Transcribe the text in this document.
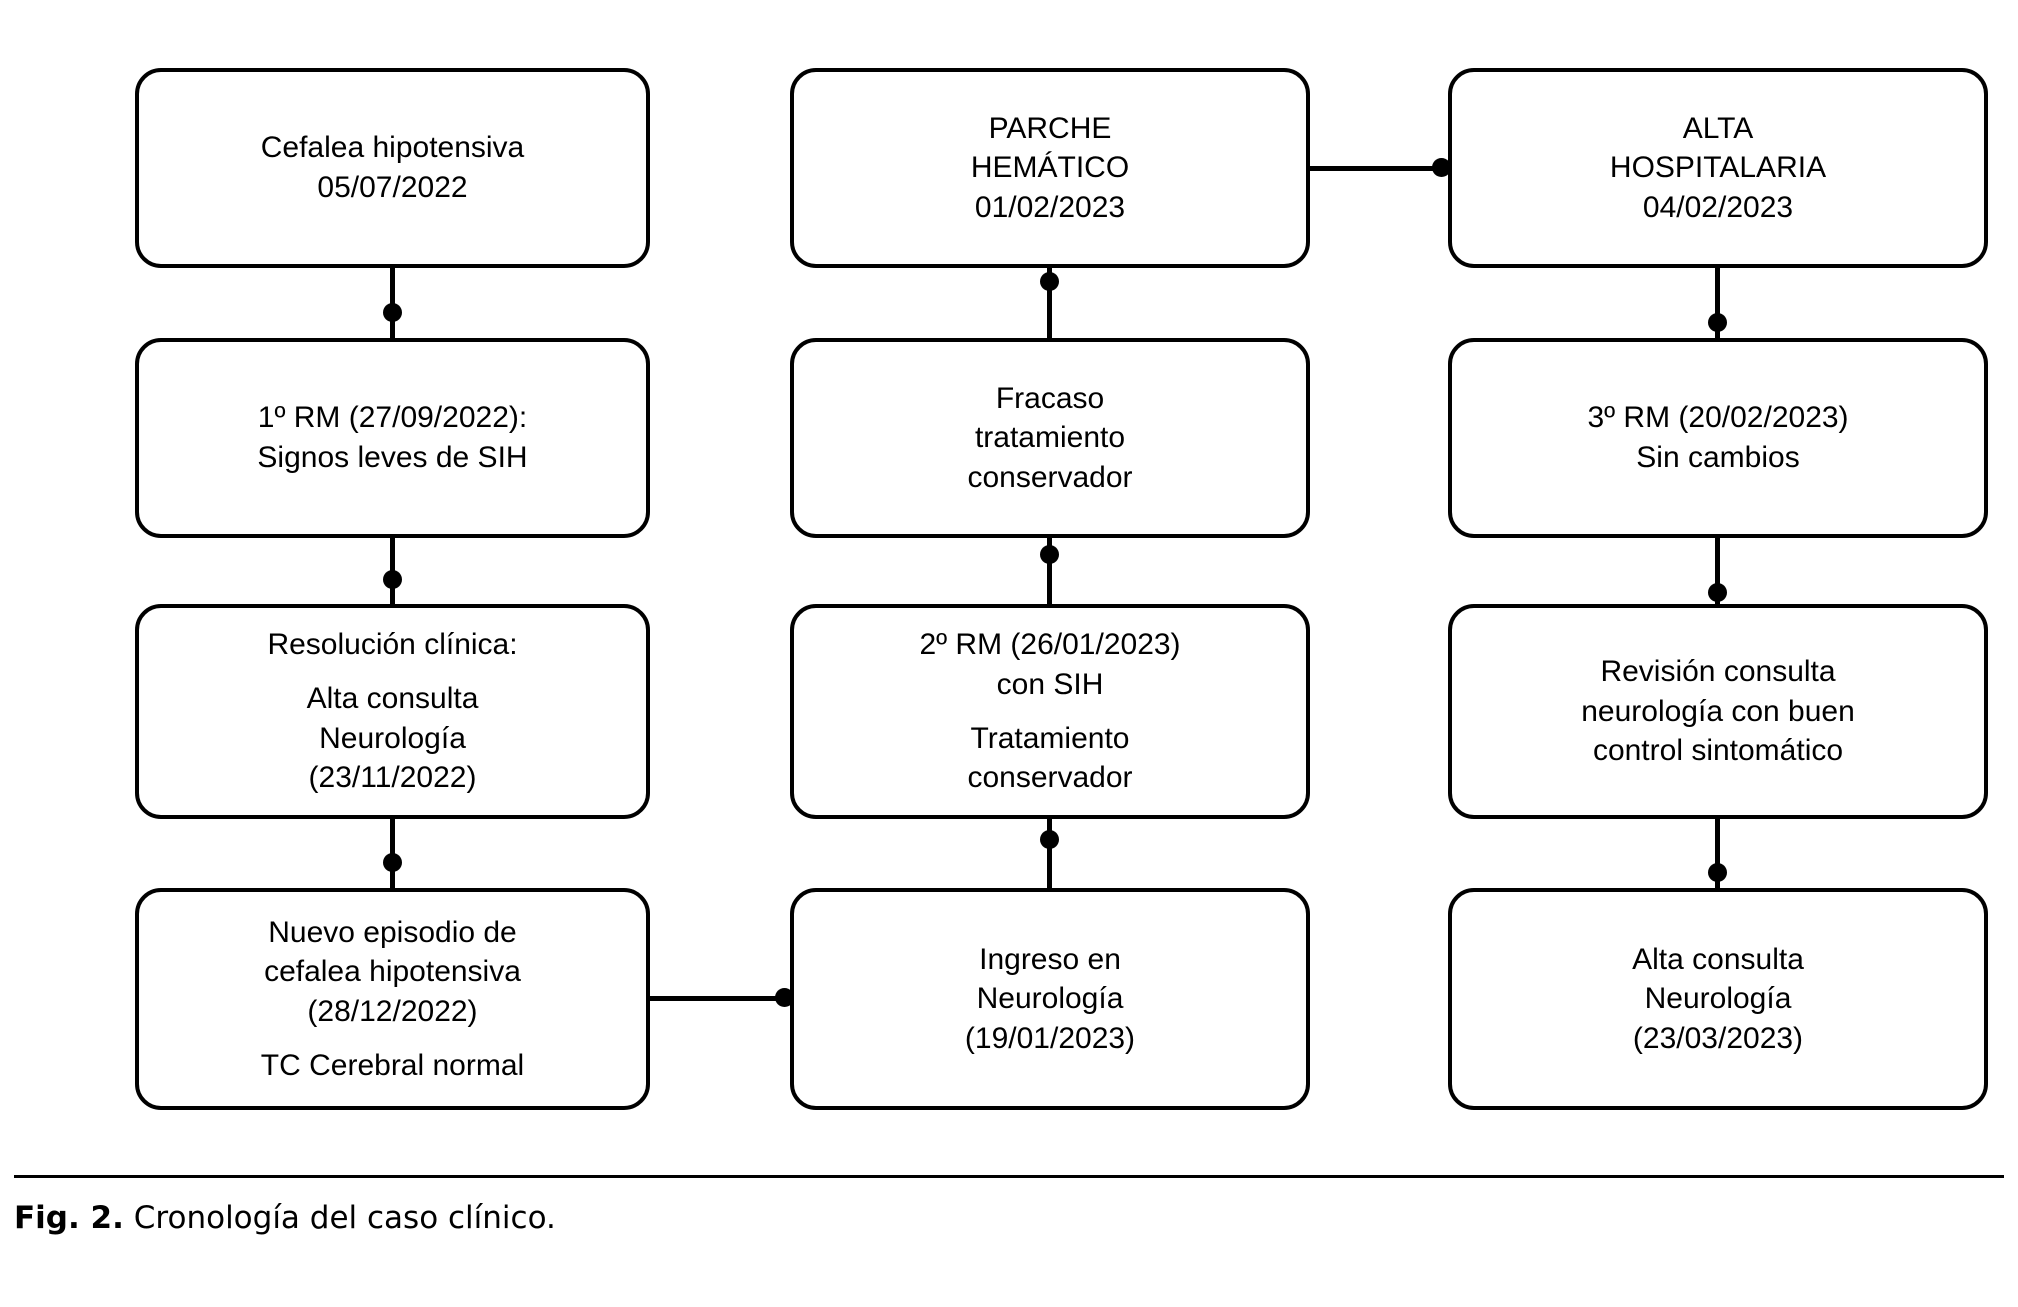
Cefalea hipotensiva
05/07/2022
1º RM (27/09/2022):
Signos leves de SIH
Resolución clínica:
Alta consulta
Neurología
(23/11/2022)
Nuevo episodio de
cefalea hipotensiva
(28/12/2022)
TC Cerebral normal
PARCHE
HEMÁTICO
01/02/2023
Fracaso
tratamiento
conservador
2º RM (26/01/2023)
con SIH
Tratamiento
conservador
Ingreso en
Neurología
(19/01/2023)
ALTA
HOSPITALARIA
04/02/2023
3º RM (20/02/2023)
Sin cambios
Revisión consulta
neurología con buen
control sintomático
Alta consulta
Neurología
(23/03/2023)
Fig. 2. Cronología del caso clínico.
